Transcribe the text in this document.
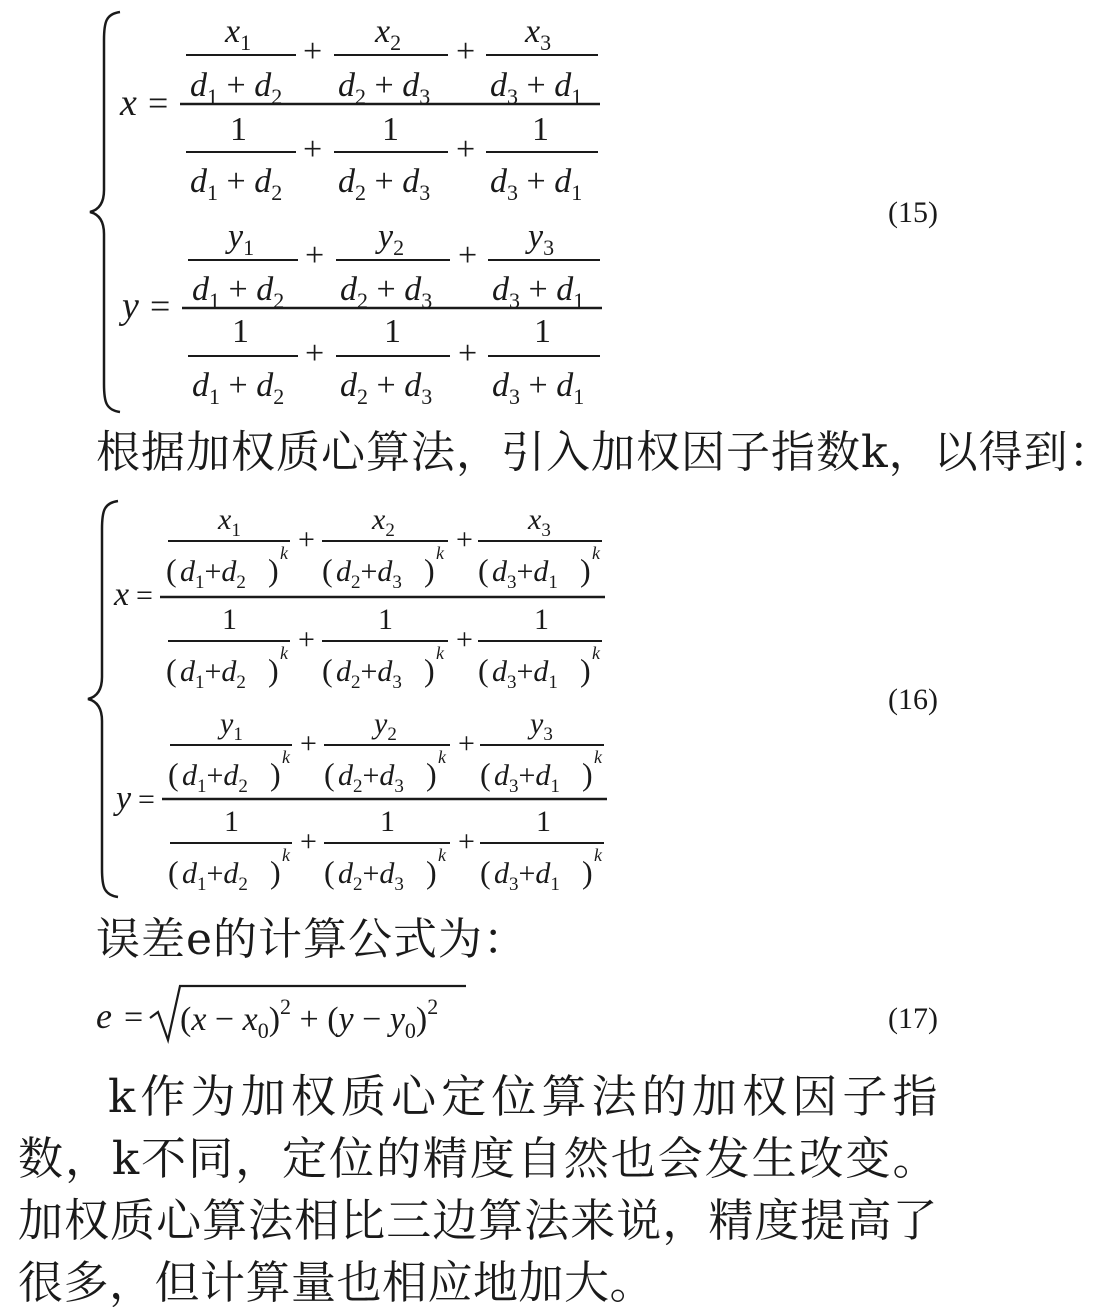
x =
$x_1$
$d_1 + d_2$
+
$x_2$
$d_2 + d_3$
+
$x_3$
$d_3 + d_1$
1
$d_1 + d_2$
+
1
$d_2 + d_3$
+
1
$d_3 + d_1$
(15)
y =
$y_1$
$d_1 + d_2$
+
$y_2$
$d_2 + d_3$
+
$y_3$
$d_3 + d_1$
1
$d_1 + d_2$
+
1
$d_2 + d_3$
+
1
$d_3 + d_1$
根据加权质心算法，引入加权因子指数k，以得到：
x =
$x_1$
( $d_1+d_2$ ) k +
$x_2$
( $d_2+d_3$ ) k +
$x_3$
( $d_3+d_1$ ) k
1
( $d_1+d_2$ ) k +
1
( $d_2+d_3$ ) k +
1
( $d_3+d_1$ ) k
(16)
y =
$y_1$
( $d_1+d_2$ ) k +
$y_2$
( $d_2+d_3$ ) k +
$y_3$
( $d_3+d_1$ ) k
1
( $d_1+d_2$ ) k +
1
( $d_2+d_3$ ) k +
1
( $d_3+d_1$ ) k
误差e的计算公式为：
$e = (x - x_0)^2 + (y - y_0)^2$	(17)
k作为加权质心定位算法的加权因子指数，k不同，定位的精度自然也会发生改变。加权质心算法相比三边算法来说，精度提高了很多，但计算量也相应地加大。
